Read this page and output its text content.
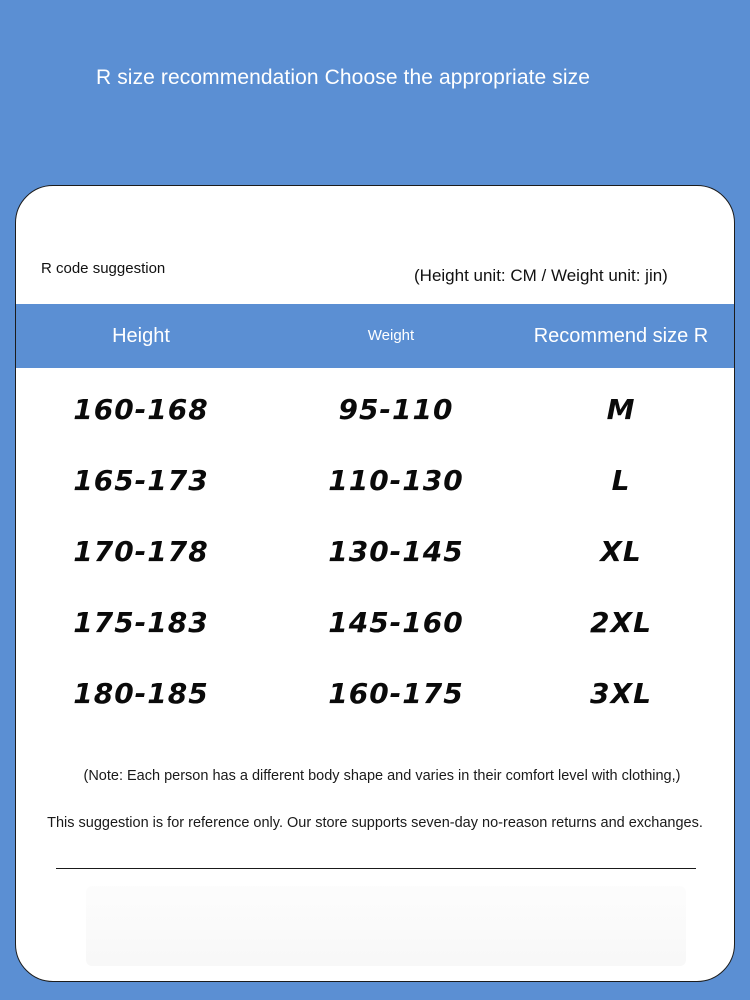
R size recommendation Choose the appropriate size
R code suggestion	(Height unit: CM / Weight unit: jin)
Height	Weight	Recommend size R
160-168	95-110	M
165-173	110-130	L
170-178	130-145	XL
175-183	145-160	2XL
180-185	160-175	3XL
(Note: Each person has a different body shape and varies in their comfort level with clothing,)
This suggestion is for reference only. Our store supports seven-day no-reason returns and exchanges.
